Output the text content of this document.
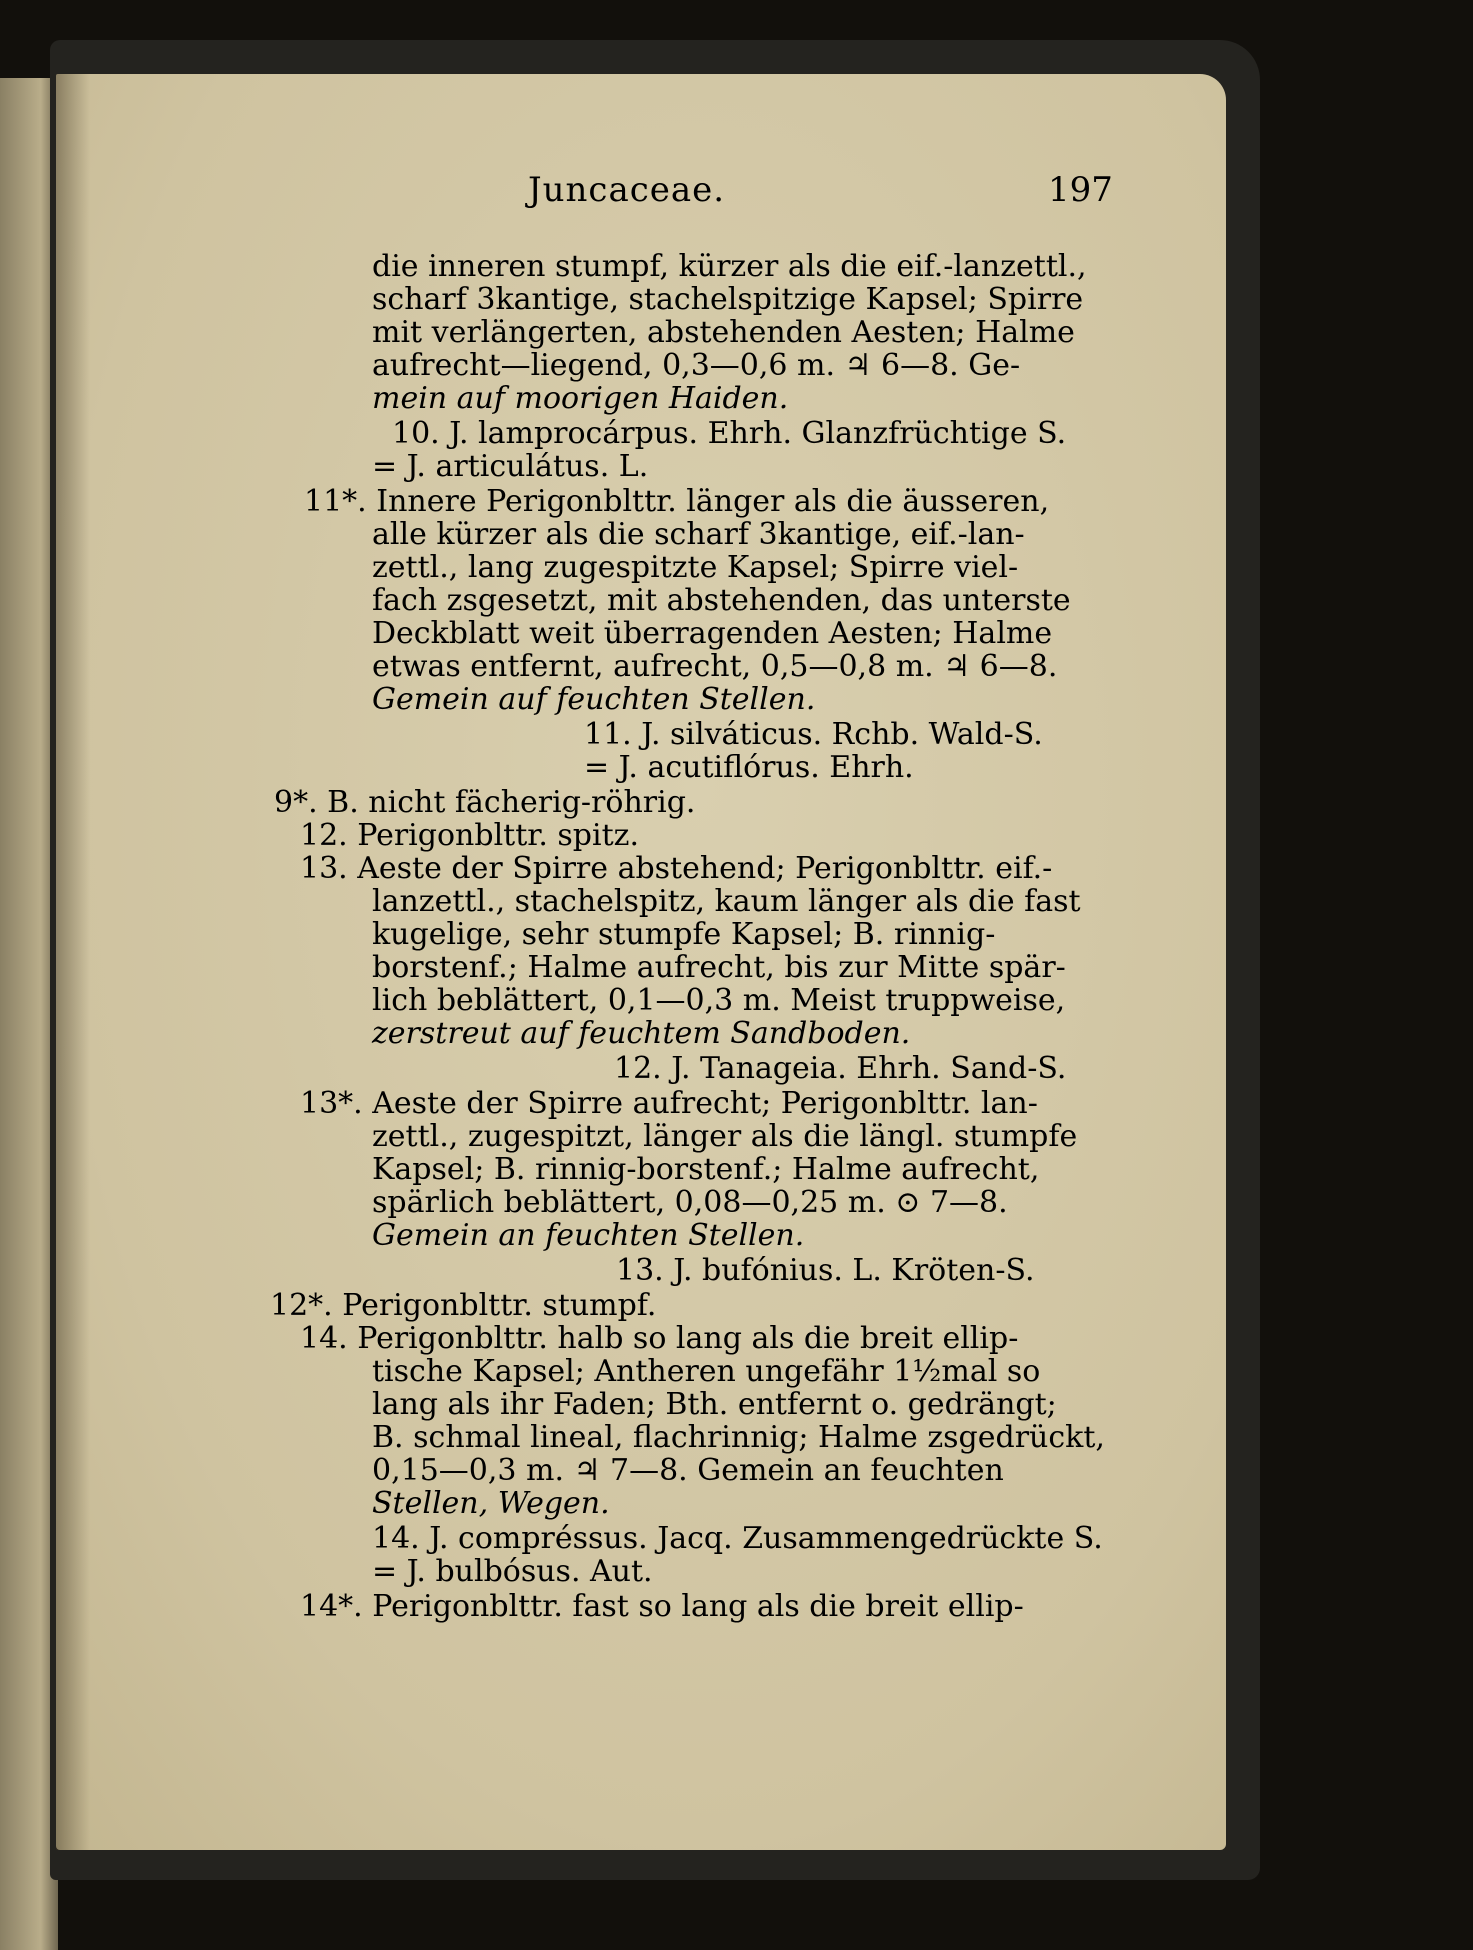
Juncaceae.	197
die inneren stumpf, kürzer als die eif.-lanzettl.,
scharf 3kantige, stachelspitzige Kapsel; Spirre
mit verlängerten, abstehenden Aesten; Halme
aufrecht—liegend, 0,3—0,6 m. ♃ 6—8. Ge-
mein auf moorigen Haiden.
10. J. lamprocárpus. Ehrh. Glanzfrüchtige S.
= J. articulátus. L.
11*. Innere Perigonblttr. länger als die äusseren,
alle kürzer als die scharf 3kantige, eif.-lan-
zettl., lang zugespitzte Kapsel; Spirre viel-
fach zsgesetzt, mit abstehenden, das unterste
Deckblatt weit überragenden Aesten; Halme
etwas entfernt, aufrecht, 0,5—0,8 m. ♃ 6—8.
Gemein auf feuchten Stellen.
11. J. silváticus. Rchb. Wald-S.
= J. acutiflórus. Ehrh.
9*. B. nicht fächerig-röhrig.
12. Perigonblttr. spitz.
13. Aeste der Spirre abstehend; Perigonblttr. eif.-
lanzettl., stachelspitz, kaum länger als die fast
kugelige, sehr stumpfe Kapsel; B. rinnig-
borstenf.; Halme aufrecht, bis zur Mitte spär-
lich beblättert, 0,1—0,3 m. Meist truppweise,
zerstreut auf feuchtem Sandboden.
12. J. Tanageia. Ehrh. Sand-S.
13*. Aeste der Spirre aufrecht; Perigonblttr. lan-
zettl., zugespitzt, länger als die längl. stumpfe
Kapsel; B. rinnig-borstenf.; Halme aufrecht,
spärlich beblättert, 0,08—0,25 m. ⊙ 7—8.
Gemein an feuchten Stellen.
13. J. bufónius. L. Kröten-S.
12*. Perigonblttr. stumpf.
14. Perigonblttr. halb so lang als die breit ellip-
tische Kapsel; Antheren ungefähr 1½mal so
lang als ihr Faden; Bth. entfernt o. gedrängt;
B. schmal lineal, flachrinnig; Halme zsgedrückt,
0,15—0,3 m. ♃ 7—8. Gemein an feuchten
Stellen, Wegen.
14. J. compréssus. Jacq. Zusammengedrückte S.
= J. bulbósus. Aut.
14*. Perigonblttr. fast so lang als die breit ellip-
